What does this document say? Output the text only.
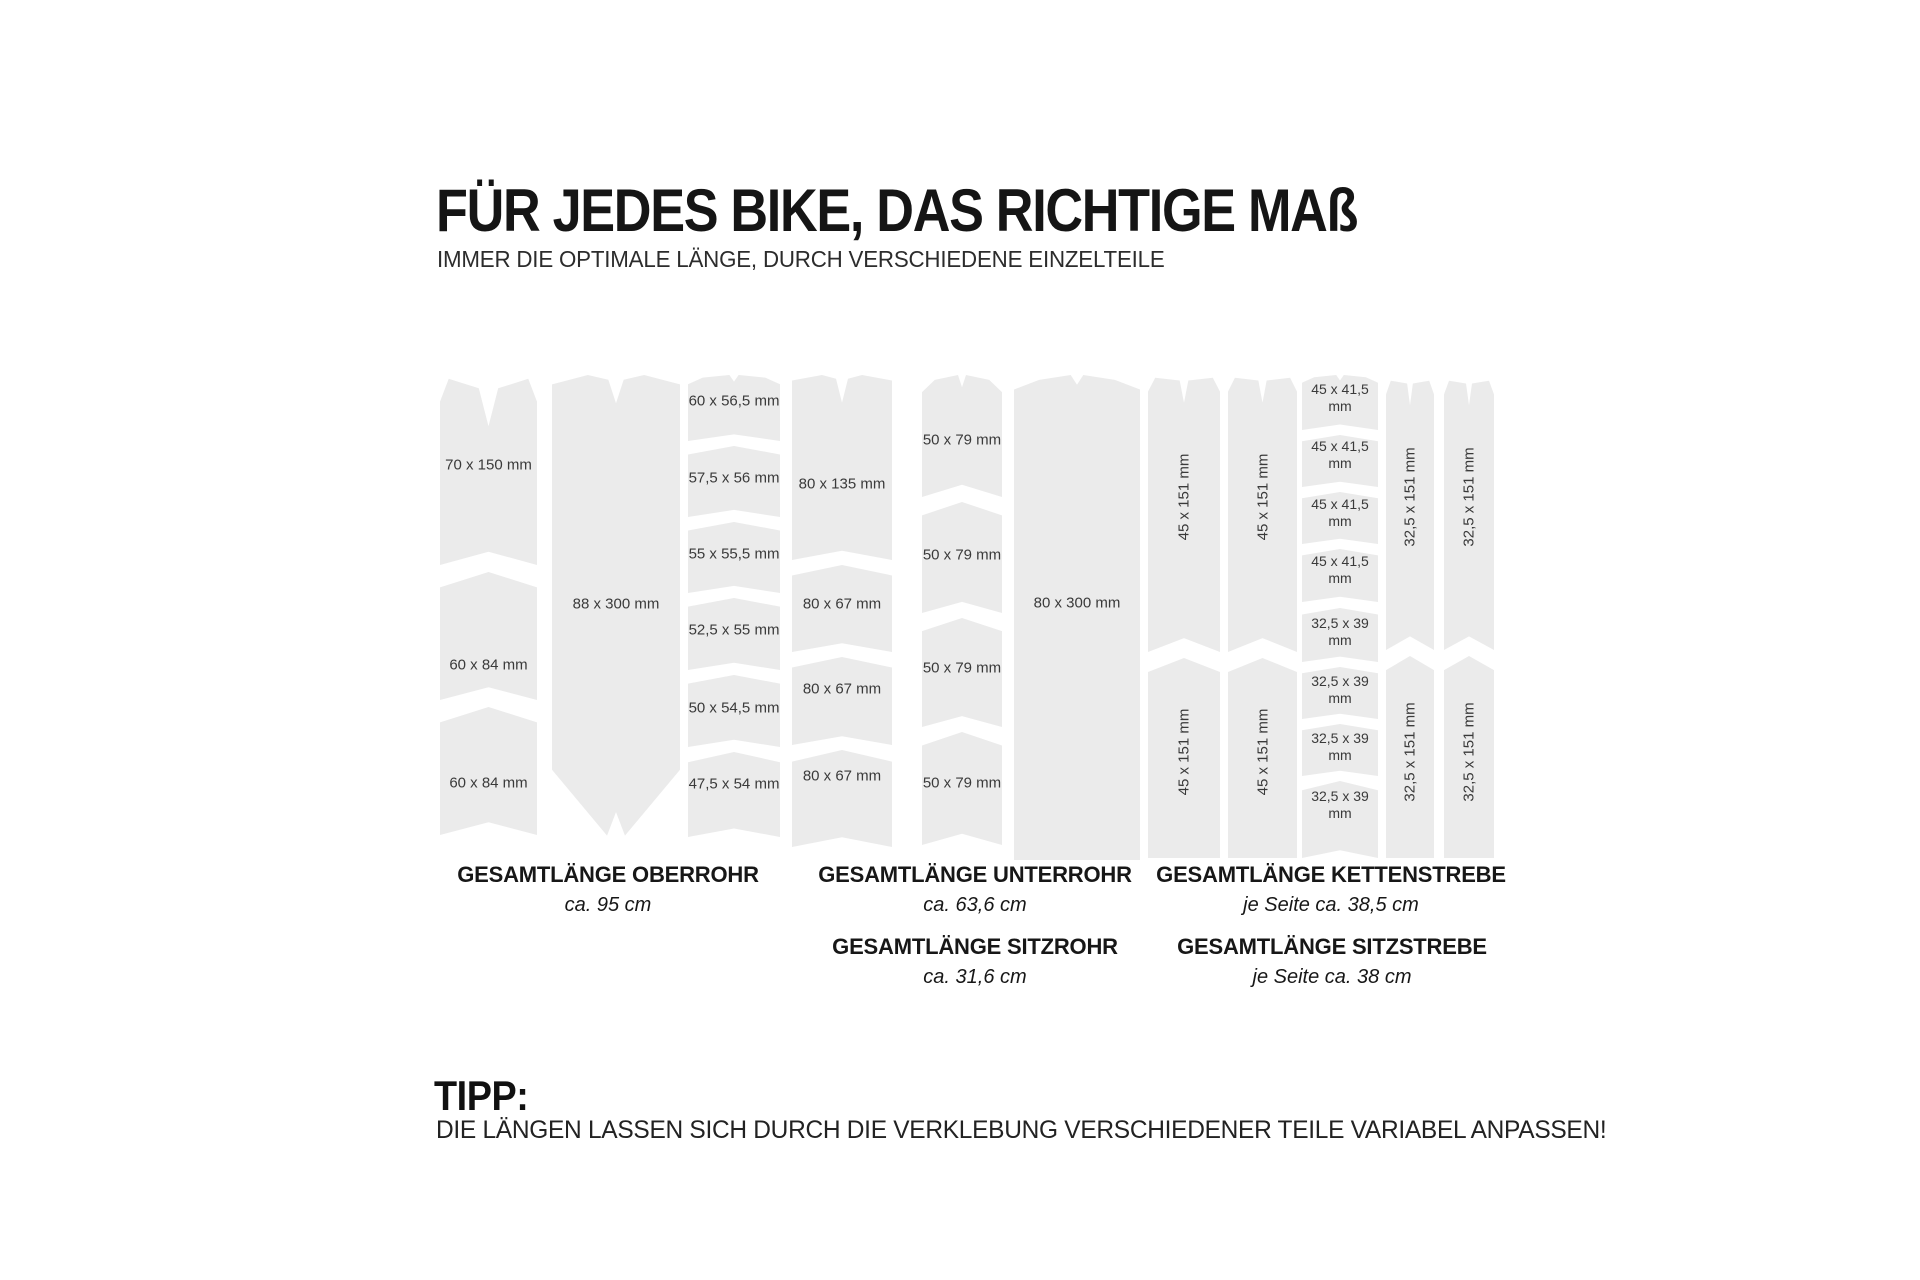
FÜR JEDES BIKE, DAS RICHTIGE MAß
IMMER DIE OPTIMALE LÄNGE, DURCH VERSCHIEDENE EINZELTEILE
70 x 150 mm
60 x 84 mm
60 x 84 mm
88 x 300 mm
60 x 56,5 mm
57,5 x 56 mm
55 x 55,5 mm
52,5 x 55 mm
50 x 54,5 mm
47,5 x 54 mm
80 x 135 mm
80 x 67 mm
80 x 67 mm
80 x 67 mm
50 x 79 mm
50 x 79 mm
50 x 79 mm
50 x 79 mm
80 x 300 mm
45 x 151 mm
45 x 151 mm
45 x 151 mm
45 x 151 mm
45 x 41,5
mm
45 x 41,5
mm
45 x 41,5
mm
45 x 41,5
mm
32,5 x 39
mm
32,5 x 39
mm
32,5 x 39
mm
32,5 x 39
mm
32,5 x 151 mm
32,5 x 151 mm
32,5 x 151 mm
32,5 x 151 mm
GESAMTLÄNGE OBERROHR
ca. 95 cm
GESAMTLÄNGE UNTERROHR
ca. 63,6 cm
GESAMTLÄNGE KETTENSTREBE
je Seite ca. 38,5 cm
GESAMTLÄNGE SITZROHR
ca. 31,6 cm
GESAMTLÄNGE SITZSTREBE
je Seite ca. 38 cm
TIPP:
DIE LÄNGEN LASSEN SICH DURCH DIE VERKLEBUNG VERSCHIEDENER TEILE VARIABEL ANPASSEN!
